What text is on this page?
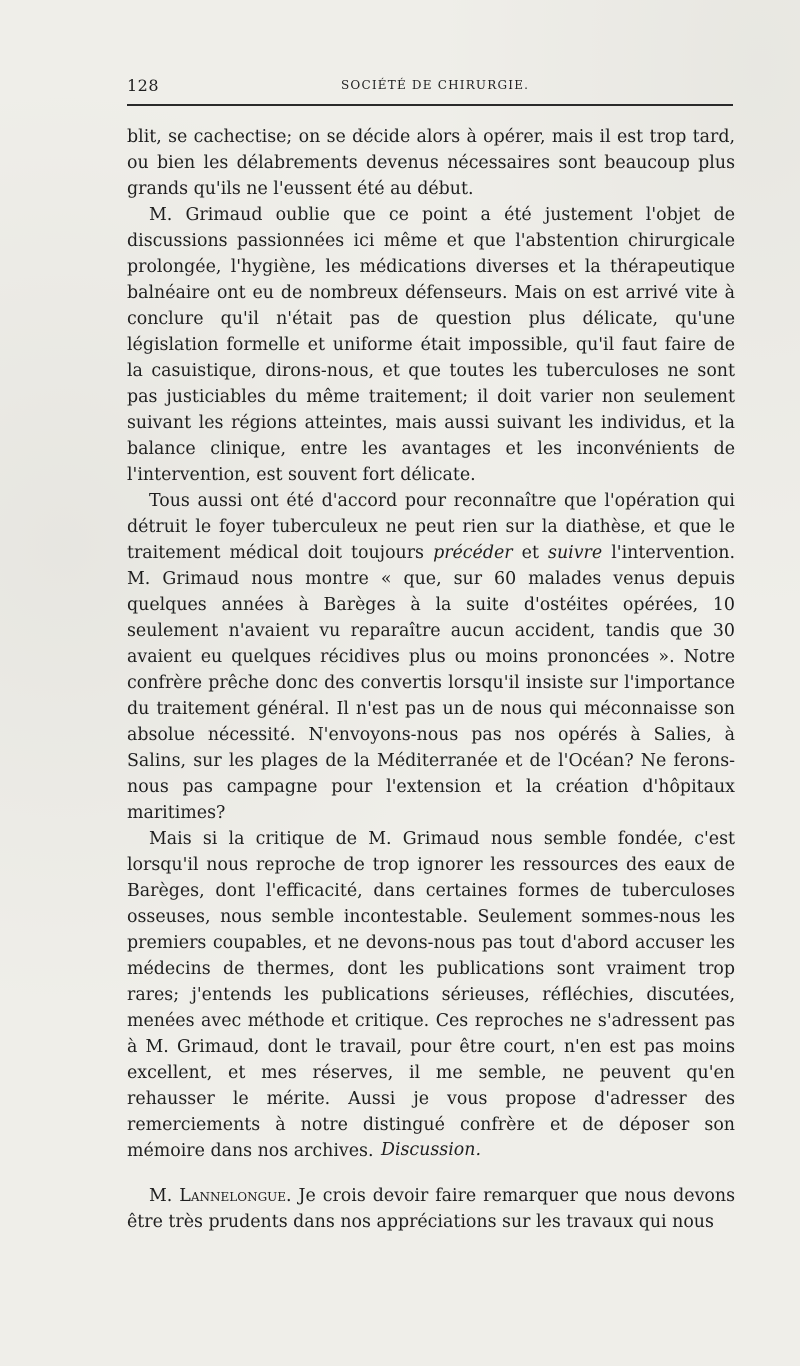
128	SOCIÉTÉ DE CHIRURGIE.

blit, se cachectise; on se décide alors à opérer, mais il est trop tard, ou bien les délabrements devenus nécessaires sont beaucoup plus grands qu'ils ne l'eussent été au début.

M. Grimaud oublie que ce point a été justement l'objet de discussions passionnées ici même et que l'abstention chirurgicale prolongée, l'hygiène, les médications diverses et la thérapeutique balnéaire ont eu de nombreux défenseurs. Mais on est arrivé vite à conclure qu'il n'était pas de question plus délicate, qu'une législation formelle et uniforme était impossible, qu'il faut faire de la casuistique, dirons-nous, et que toutes les tuberculoses ne sont pas justiciables du même traitement; il doit varier non seulement suivant les régions atteintes, mais aussi suivant les individus, et la balance clinique, entre les avantages et les inconvénients de l'intervention, est souvent fort délicate.

Tous aussi ont été d'accord pour reconnaître que l'opération qui détruit le foyer tuberculeux ne peut rien sur la diathèse, et que le traitement médical doit toujours précéder et suivre l'intervention. M. Grimaud nous montre « que, sur 60 malades venus depuis quelques années à Barèges à la suite d'ostéites opérées, 10 seulement n'avaient vu reparaître aucun accident, tandis que 30 avaient eu quelques récidives plus ou moins prononcées ». Notre confrère prêche donc des convertis lorsqu'il insiste sur l'importance du traitement général. Il n'est pas un de nous qui méconnaisse son absolue nécessité. N'envoyons-nous pas nos opérés à Salies, à Salins, sur les plages de la Méditerranée et de l'Océan? Ne ferons-nous pas campagne pour l'extension et la création d'hôpitaux maritimes?

Mais si la critique de M. Grimaud nous semble fondée, c'est lorsqu'il nous reproche de trop ignorer les ressources des eaux de Barèges, dont l'efficacité, dans certaines formes de tuberculoses osseuses, nous semble incontestable. Seulement sommes-nous les premiers coupables, et ne devons-nous pas tout d'abord accuser les médecins de thermes, dont les publications sont vraiment trop rares; j'entends les publications sérieuses, réfléchies, discutées, menées avec méthode et critique. Ces reproches ne s'adressent pas à M. Grimaud, dont le travail, pour être court, n'en est pas moins excellent, et mes réserves, il me semble, ne peuvent qu'en rehausser le mérite. Aussi je vous propose d'adresser des remerciements à notre distingué confrère et de déposer son mémoire dans nos archives. Discussion.

M. Lannelongue. Je crois devoir faire remarquer que nous devons être très prudents dans nos appréciations sur les travaux qui nous
